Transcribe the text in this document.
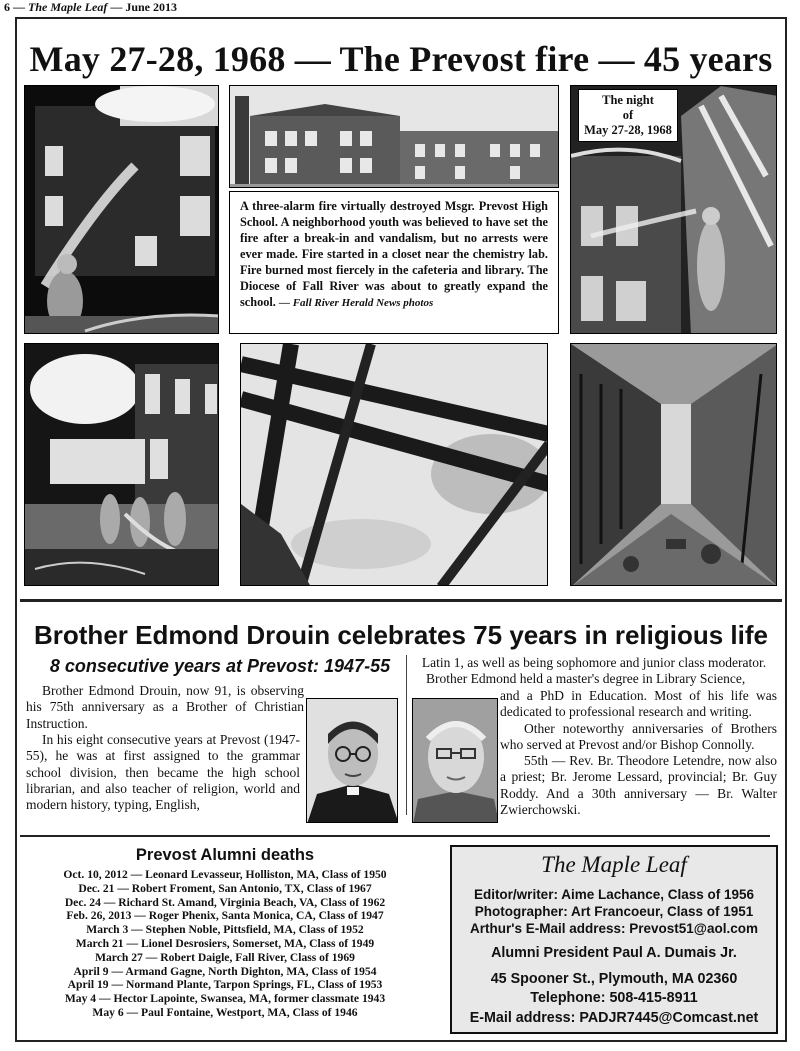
6 — The Maple Leaf — June 2013
May 27-28, 1968 — The Prevost fire — 45 years
A three-alarm fire virtually destroyed Msgr. Prevost High School. A neighborhood youth was believed to have set the fire after a break-in and vandalism, but no arrests were ever made. Fire started in a closet near the chemistry lab. Fire burned most fiercely in the cafeteria and library. The Diocese of Fall River was about to greatly expand the school. — Fall River Herald News photos
The night
of
May 27-28, 1968
Brother Edmond Drouin celebrates 75 years in religious life
8 consecutive years at Prevost: 1947-55

Brother Edmond Drouin, now 91, is observing his 75th anniversary as a Brother of Christian Instruction.

In his eight consecutive years at Prevost (1947-55), he was at first assigned to the grammar school division, then became the high school librarian, and also teacher of religion, world and modern history, typing, English,

Latin 1, as well as being sophomore and junior class moderator.

Brother Edmond held a master's degree in Library Science,

and a PhD in Education. Most of his life was dedicated to professional research and writing.

Other noteworthy anniversaries of Brothers who served at Prevost and/or Bishop Connolly.

55th — Rev. Br. Theodore Letendre, now also a priest; Br. Jerome Lessard, provincial; Br. Guy Roddy. And a 30th anniversary — Br. Walter Zwierchowski.

Prevost Alumni deaths
Oct. 10, 2012 — Leonard Levasseur, Holliston, MA, Class of 1950
Dec. 21 — Robert Froment, San Antonio, TX, Class of 1967
Dec. 24 — Richard St. Amand, Virginia Beach, VA, Class of 1962
Feb. 26, 2013 — Roger Phenix, Santa Monica, CA, Class of 1947
March 3 — Stephen Noble, Pittsfield, MA, Class of 1952
March 21 — Lionel Desrosiers, Somerset, MA, Class of 1949
March 27 — Robert Daigle, Fall River, Class of 1969
April 9 — Armand Gagne, North Dighton, MA, Class of 1954
April 19 — Normand Plante, Tarpon Springs, FL, Class of 1953
May 4 — Hector Lapointe, Swansea, MA, former classmate 1943
May 6 — Paul Fontaine, Westport, MA, Class of 1946
The Maple Leaf
Editor/writer: Aime Lachance, Class of 1956
Photographer: Art Francoeur, Class of 1951
Arthur's E-Mail address: Prevost51@aol.com
Alumni President Paul A. Dumais Jr.
45 Spooner St., Plymouth, MA 02360
Telephone: 508-415-8911
E-Mail address: PADJR7445@Comcast.net
